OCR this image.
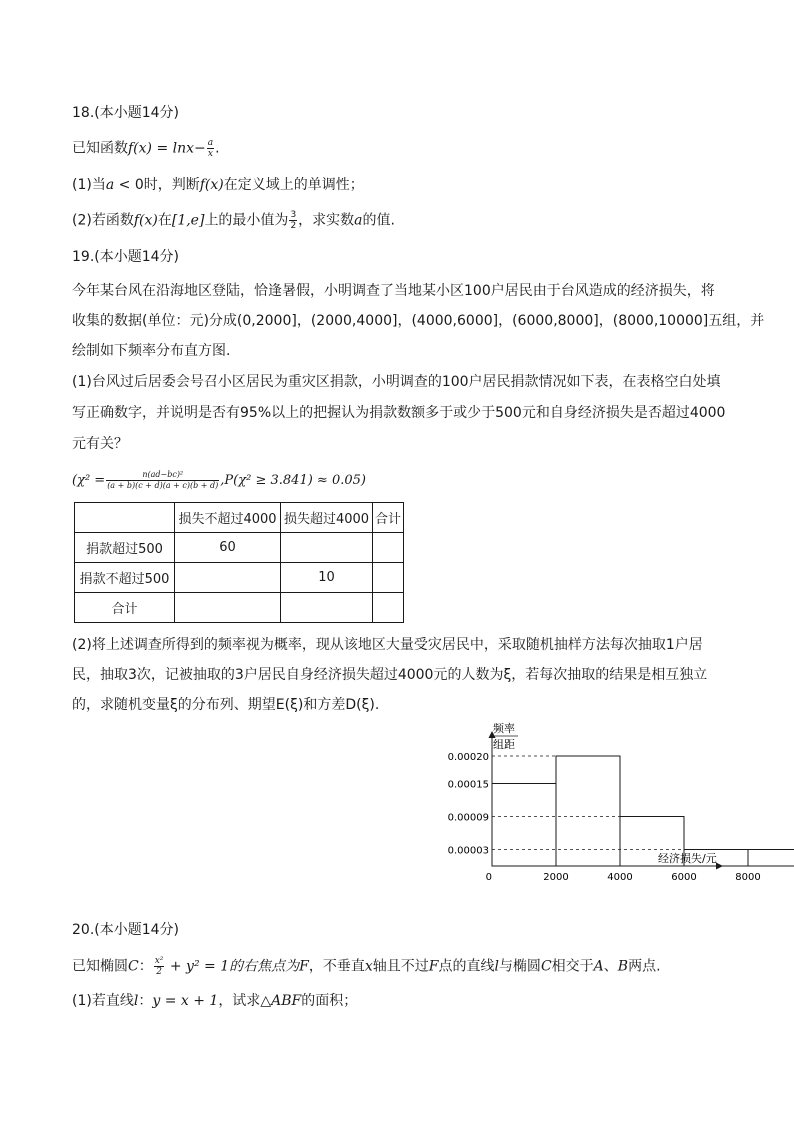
18.(本小题14分)
已知函数$f(x) = \ln x- \frac{a}{x}$ .
(1)当a < 0时，判断f(x)在定义域上的单调性；
(2)若函数f(x)在[1,e]上的最小值为 $\frac{3}{2}$ ，求实数a的值.
19.(本小题14分)
今年某台风在沿海地区登陆，恰逢暑假，小明调查了当地某小区100户居民由于台风造成的经济损失，将
收集的数据(单位：元)分成(0,2000]，(2000,4000]，(4000,6000]，(6000,8000]，(8000,10000]五组，并
绘制如下频率分布直方图.
(1)台风过后居委会号召小区居民为重灾区捐款，小明调查的100户居民捐款情况如下表，在表格空白处填
写正确数字，并说明是否有95%以上的把握认为捐款数额多于或少于500元和自身经济损失是否超过4000
元有关？
$(\chi^2 = \frac{\text{n(ad−bc)²}}{(a + b)(c + d)(a + c)(b + d)} ,P(\chi^2 \ge 3.841) \approx 0.05)$
	损失不超过4000	损失超过4000	合计
捐款超过500	60		
捐款不超过500		10	
合计			
(2)将上述调查所得到的频率视为概率，现从该地区大量受灾居民中，采取随机抽样方法每次抽取1户居
民，抽取3次，记被抽取的3户居民自身经济损失超过4000元的人数为ξ，若每次抽取的结果是相互独立
的，求随机变量ξ的分布列、期望E(ξ)和方差D(ξ).
0.00003
0.00009
0.00015
0.00020
0	2000	4000	6000	8000
频率
组距
经济损失/元
20.(本小题14分)
已知椭圆C： $\frac{\text{x²}}{2} + y^2 = 1$的右焦点为F，不垂直x轴且不过F点的直线l与椭圆C相交于A、B两点.
(1)若直线l：y = x + 1，试求△ABF的面积；
